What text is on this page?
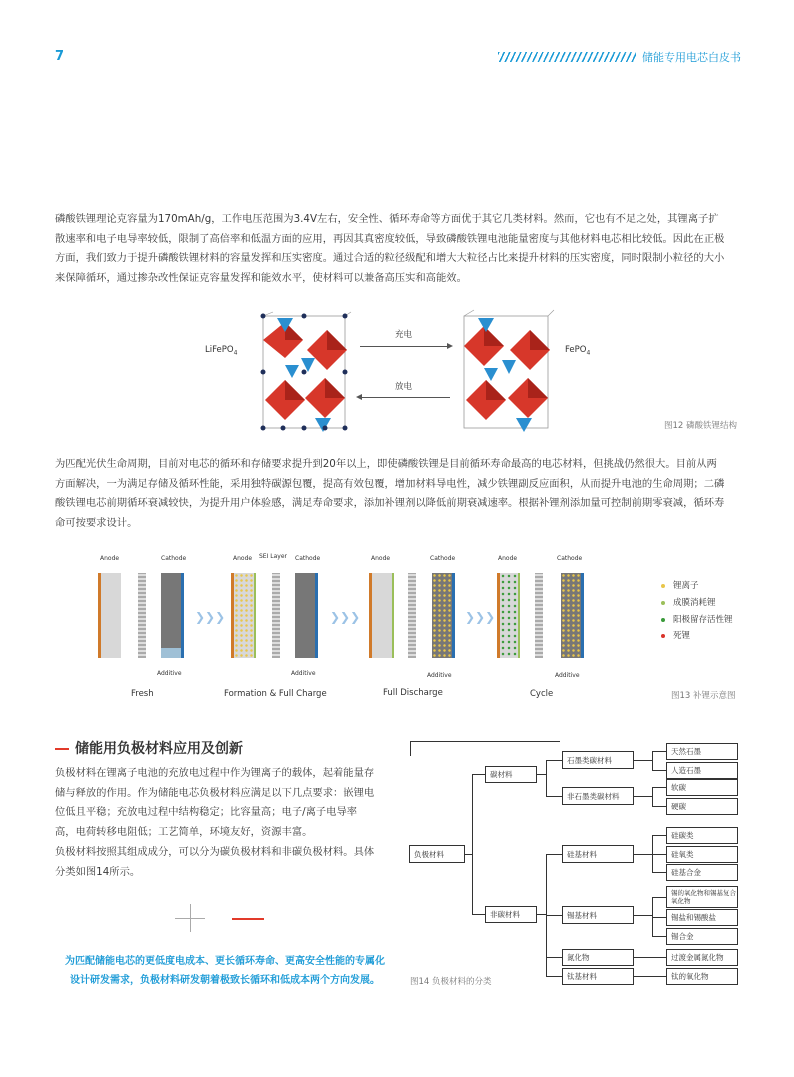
7	储能专用电芯白皮书
磷酸铁锂理论克容量为170mAh/g，工作电压范围为3.4V左右，安全性、循环寿命等方面优于其它几类材料。然而，它也有不足之处，其锂离子扩
散速率和电子电导率较低，限制了高倍率和低温方面的应用，再因其真密度较低，导致磷酸铁锂电池能量密度与其他材料电芯相比较低。因此在正极
方面，我们致力于提升磷酸铁锂材料的容量发挥和压实密度。通过合适的粒径级配和增大大粒径占比来提升材料的压实密度，同时限制小粒径的大小
来保障循环，通过掺杂改性保证克容量发挥和能效水平，使材料可以兼备高压实和高能效。
LiFePO$_4$
充电
放电
FePO$_4$
图12 磷酸铁锂结构
为匹配光伏生命周期，目前对电芯的循环和存储要求提升到20年以上，即使磷酸铁锂是目前循环寿命最高的电芯材料，但挑战仍然很大。目前从两
方面解决，一为满足存储及循环性能，采用独特碳源包覆，提高有效包覆，增加材料导电性，减少铁锂副反应面积，从而提升电池的生命周期；二磷
酸铁锂电芯前期循环衰减较快，为提升用户体验感，满足寿命要求，添加补锂剂以降低前期衰减速率。根据补锂剂添加量可控制前期零衰减，循环寿
命可按要求设计。
Anode	Cathode
Additive
Fresh
❯❯❯
Anode SEI Layer Cathode
Additive
Formation & Full Charge
❯❯❯
Anode	Cathode
Additive
Full Discharge
❯❯❯
Anode	Cathode
Additive
Cycle
锂离子
成膜消耗锂
阳极留存活性锂
死锂
图13 补锂示意图
储能用负极材料应用及创新
负极材料在锂离子电池的充放电过程中作为锂离子的载体，起着能量存
储与释放的作用。作为储能电芯负极材料应满足以下几点要求：嵌锂电
位低且平稳；充放电过程中结构稳定；比容量高；电子/离子电导率
高，电荷转移电阻低；工艺简单，环境友好，资源丰富。
负极材料按照其组成成分，可以分为碳负极材料和非碳负极材料。具体
分类如图14所示。
为匹配储能电芯的更低度电成本、更长循环寿命、更高安全性能的专属化
设计研发需求，负极材料研发朝着极致长循环和低成本两个方向发展。
负极材料
碳材料
非碳材料
石墨类碳材料
非石墨类碳材料
天然石墨
人造石墨
软碳
硬碳
硅基材料
锡基材料
氮化物
钛基材料
硅碳类
硅氧类
硅基合金
锡的氧化物和锡基复合氧化物
锡盐和锡酸盐
锡合金
过渡金属氮化物
钛的氧化物
图14 负极材料的分类
